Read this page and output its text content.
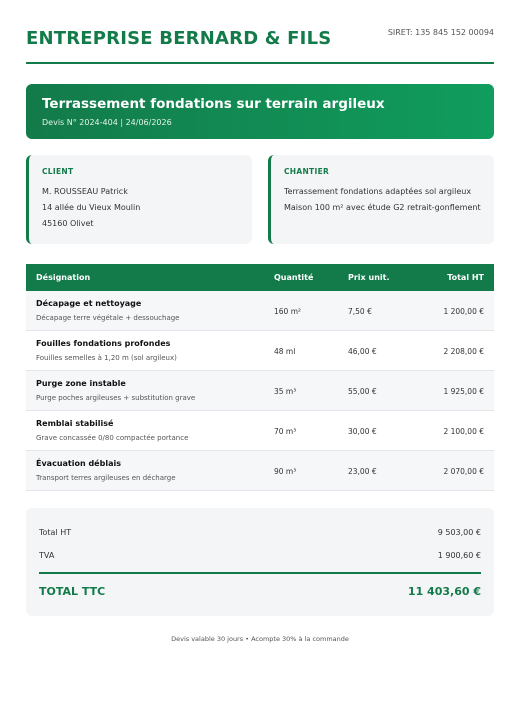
ENTREPRISE BERNARD & FILS	SIRET: 135 845 152 00094
Terrassement fondations sur terrain argileux
Devis N° 2024-404 | 24/06/2026
CLIENT
M. ROUSSEAU Patrick
14 allée du Vieux Moulin
45160 Olivet
CHANTIER
Terrassement fondations adaptées sol argileux
Maison 100 m² avec étude G2 retrait-gonflement
Désignation	Quantité	Prix unit.	Total HT
Décapage et nettoyage
Décapage terre végétale + dessouchage
160 m²	7,50 €	1 200,00 €
Fouilles fondations profondes
Fouilles semelles à 1,20 m (sol argileux)
48 ml	46,00 €	2 208,00 €
Purge zone instable
Purge poches argileuses + substitution grave
35 m³	55,00 €	1 925,00 €
Remblai stabilisé
Grave concassée 0/80 compactée portance
70 m³	30,00 €	2 100,00 €
Évacuation déblais
Transport terres argileuses en décharge
90 m³	23,00 €	2 070,00 €
Total HT	9 503,00 €
TVA	1 900,60 €
TOTAL TTC	11 403,60 €
Devis valable 30 jours • Acompte 30% à la commande
